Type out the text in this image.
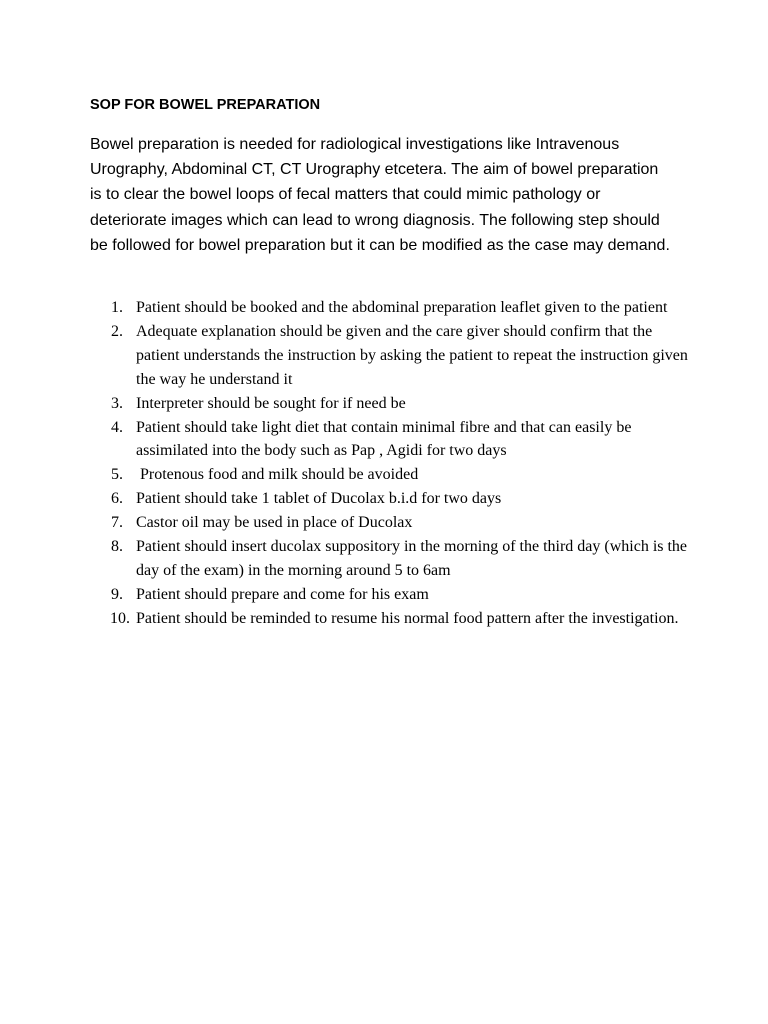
SOP FOR BOWEL PREPARATION

Bowel preparation is needed for radiological investigations like Intravenous Urography, Abdominal CT, CT Urography etcetera. The aim of bowel preparation is to clear the bowel loops of fecal matters that could mimic pathology or deteriorate images which can lead to wrong diagnosis. The following step should be followed for bowel preparation but it can be modified as the case may demand.

1. Patient should be booked and the abdominal preparation leaflet given to the patient
2. Adequate explanation should be given and the care giver should confirm that the patient understands the instruction by asking the patient to repeat the instruction given the way he understand it
3. Interpreter should be sought for if need be
4. Patient should take light diet that contain minimal fibre and that can easily be assimilated into the body such as Pap , Agidi for two days
5. Protenous food and milk should be avoided
6. Patient should take 1 tablet of Ducolax b.i.d for two days
7. Castor oil may be used in place of Ducolax
8. Patient should insert ducolax suppository in the morning of the third day (which is the day of the exam) in the morning around 5 to 6am
9. Patient should prepare and come for his exam
10. Patient should be reminded to resume his normal food pattern after the investigation.
